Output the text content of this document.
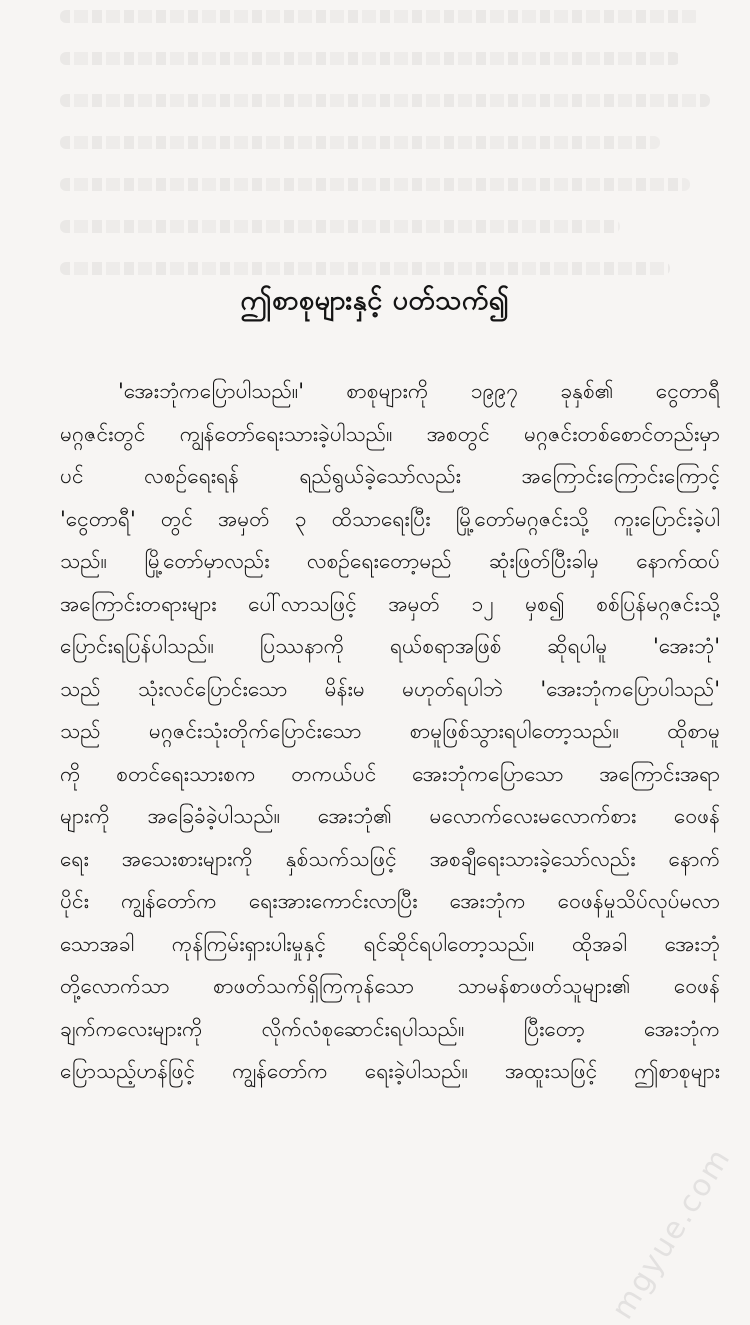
ဤစာစုများနှင့် ပတ်သက်၍
'အေးဘုံကပြောပါသည်။' စာစုများကို ၁၉၉၇ ခုနှစ်၏ ငွေတာရီ
မဂ္ဂဇင်းတွင် ကျွန်တော်ရေးသားခဲ့ပါသည်။ အစတွင် မဂ္ဂဇင်းတစ်စောင်တည်းမှာ
ပင် လစဉ်ရေးရန် ရည်ရွယ်ခဲ့သော်လည်း အကြောင်းကြောင်းကြောင့်
'ငွေတာရီ' တွင် အမှတ် ၃ ထိသာရေးပြီး မြို့တော်မဂ္ဂဇင်းသို့ ကူးပြောင်းခဲ့ပါ
သည်။ မြို့တော်မှာလည်း လစဉ်ရေးတော့မည် ဆုံးဖြတ်ပြီးခါမှ နောက်ထပ်
အကြောင်းတရားများ ပေါ်လာသဖြင့် အမှတ် ၁၂ မှစ၍ စစ်ပြန်မဂ္ဂဇင်းသို့
ပြောင်းရပြန်ပါသည်။ ပြဿနာကို ရယ်စရာအဖြစ် ဆိုရပါမူ 'အေးဘုံ'
သည် သုံးလင်ပြောင်းသော မိန်းမ မဟုတ်ရပါဘဲ 'အေးဘုံကပြောပါသည်'
သည် မဂ္ဂဇင်းသုံးတိုက်ပြောင်းသော စာမူဖြစ်သွားရပါတော့သည်။ ထိုစာမူ
ကို စတင်ရေးသားစက တကယ်ပင် အေးဘုံကပြောသော အကြောင်းအရာ
များကို အခြေခံခဲ့ပါသည်။ အေးဘုံ၏ မလောက်လေးမလောက်စား ဝေဖန်
ရေး အသေးစားများကို နှစ်သက်သဖြင့် အစချီရေးသားခဲ့သော်လည်း နောက်
ပိုင်း ကျွန်တော်က ရေးအားကောင်းလာပြီး အေးဘုံက ဝေဖန်မှုသိပ်လုပ်မလာ
သောအခါ ကုန်ကြမ်းရှားပါးမှုနှင့် ရင်ဆိုင်ရပါတော့သည်။ ထိုအခါ အေးဘုံ
တို့လောက်သာ စာဖတ်သက်ရှိကြကုန်သော သာမန်စာဖတ်သူများ၏ ဝေဖန်
ချက်ကလေးများကို လိုက်လံစုဆောင်းရပါသည်။ ပြီးတော့ အေးဘုံက
ပြောသည့်ဟန်ဖြင့် ကျွန်တော်က ရေးခဲ့ပါသည်။ အထူးသဖြင့် ဤစာစုများ
mgyue.com
